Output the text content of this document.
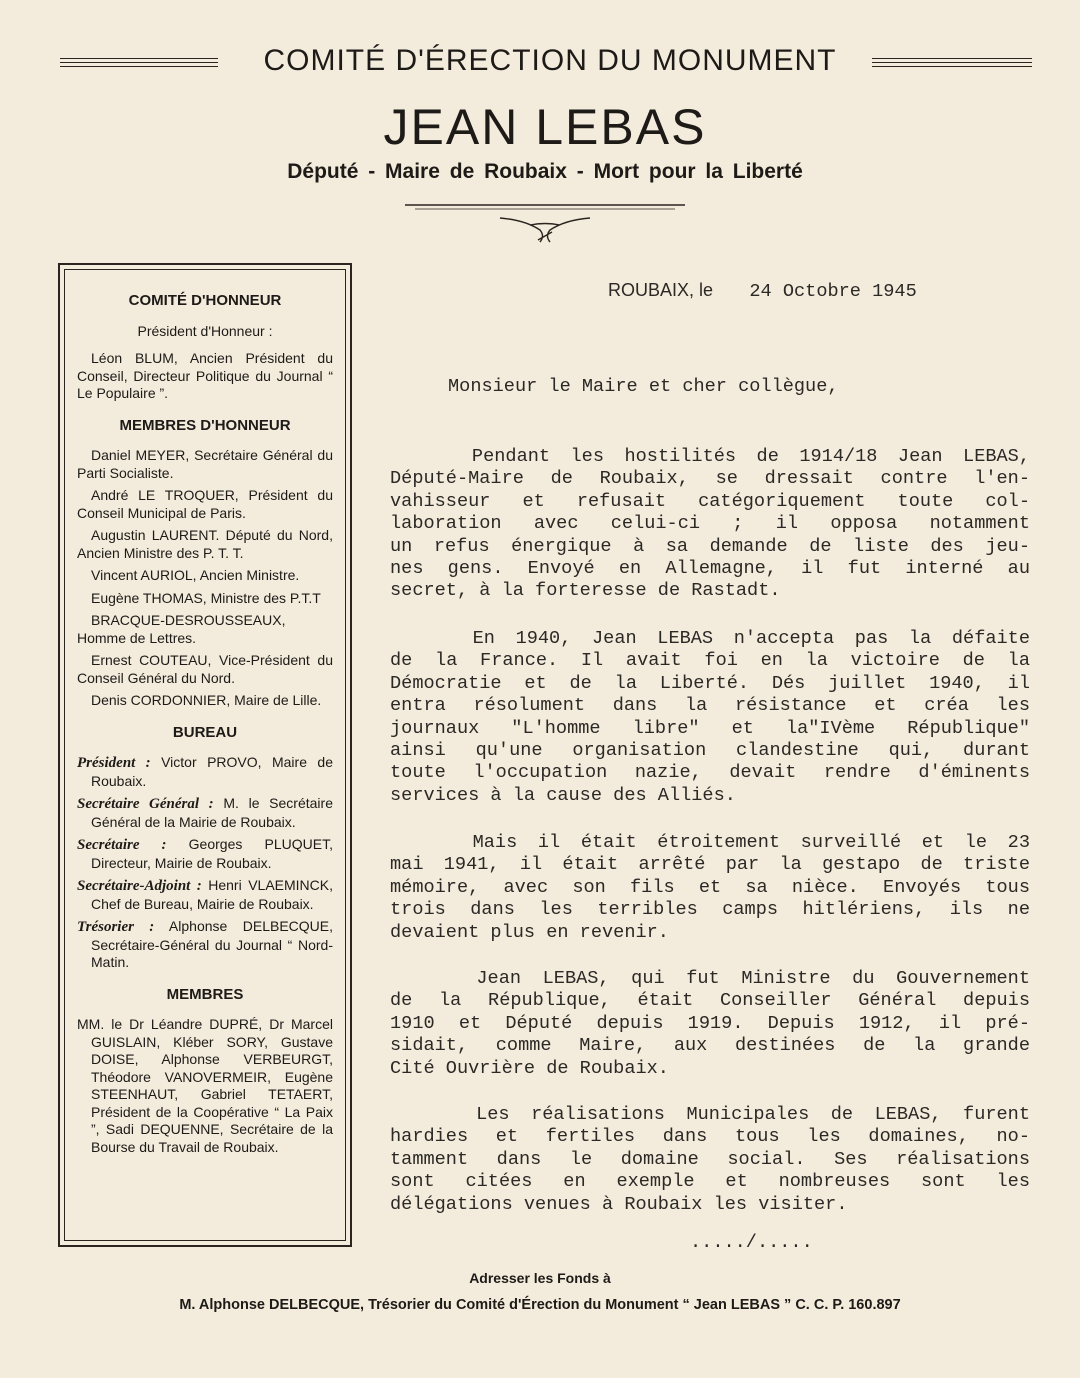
COMITÉ D'ÉRECTION DU MONUMENT
JEAN LEBAS
Député - Maire de Roubaix - Mort pour la Liberté

COMITÉ D'HONNEUR

Président d'Honneur :

Léon BLUM, Ancien Président du Conseil, Directeur Politique du Journal “ Le Populaire ”.

MEMBRES D'HONNEUR

Daniel MEYER, Secrétaire Général du Parti Socialiste.

André LE TROQUER, Président du Conseil Municipal de Paris.

Augustin LAURENT. Député du Nord, Ancien Ministre des P. T. T.

Vincent AURIOL, Ancien Ministre.

Eugène THOMAS, Ministre des P.T.T

BRACQUE-DESROUSSEAUX, Homme de Lettres.

Ernest COUTEAU, Vice-Président du Conseil Général du Nord.

Denis CORDONNIER, Maire de Lille.

BUREAU

Président : Victor PROVO, Maire de Roubaix.

Secrétaire Général : M. le Secrétaire Général de la Mairie de Roubaix.

Secrétaire : Georges PLUQUET, Directeur, Mairie de Roubaix.

Secrétaire-Adjoint : Henri VLAEMINCK, Chef de Bureau, Mairie de Roubaix.

Trésorier : Alphonse DELBECQUE, Secrétaire-Général du Journal “ Nord-Matin.

MEMBRES

MM. le Dr Léandre DUPRÉ, Dr Marcel GUISLAIN, Kléber SORY, Gustave DOISE, Alphonse VERBEURGT, Théodore VANOVERMEIR, Eugène STEENHAUT, Gabriel TETAERT, Président de la Coopérative “ La Paix ”, Sadi DEQUENNE, Secrétaire de la Bourse du Travail de Roubaix.

ROUBAIX, le 24 Octobre 1945
Monsieur le Maire et cher collègue,
Pendant les hostilités de 1914/18 Jean LEBAS,
Député-Maire de Roubaix, se dressait contre l'en-
vahisseur et refusait catégoriquement toute col-
laboration avec celui-ci ; il opposa notamment
un refus énergique à sa demande de liste des jeu-
nes gens. Envoyé en Allemagne, il fut interné au
secret, à la forteresse de Rastadt.
En 1940, Jean LEBAS n'accepta pas la défaite
de la France. Il avait foi en la victoire de la
Démocratie et de la Liberté. Dés juillet 1940, il
entra résolument dans la résistance et créa les
journaux "L'homme libre" et la"IVème République"
ainsi qu'une organisation clandestine qui, durant
toute l'occupation nazie, devait rendre d'éminents
services à la cause des Alliés.
Mais il était étroitement surveillé et le 23
mai 1941, il était arrêté par la gestapo de triste
mémoire, avec son fils et sa nièce. Envoyés tous
trois dans les terribles camps hitlériens, ils ne
devaient plus en revenir.
Jean LEBAS, qui fut Ministre du Gouvernement
de la République, était Conseiller Général depuis
1910 et Député depuis 1919. Depuis 1912, il pré-
sidait, comme Maire, aux destinées de la grande
Cité Ouvrière de Roubaix.
Les réalisations Municipales de LEBAS, furent
hardies et fertiles dans tous les domaines, no-
tamment dans le domaine social. Ses réalisations
sont citées en exemple et nombreuses sont les
délégations venues à Roubaix les visiter.
...../.....
Adresser les Fonds à
M. Alphonse DELBECQUE, Trésorier du Comité d'Érection du Monument “ Jean LEBAS ” C. C. P. 160.897
